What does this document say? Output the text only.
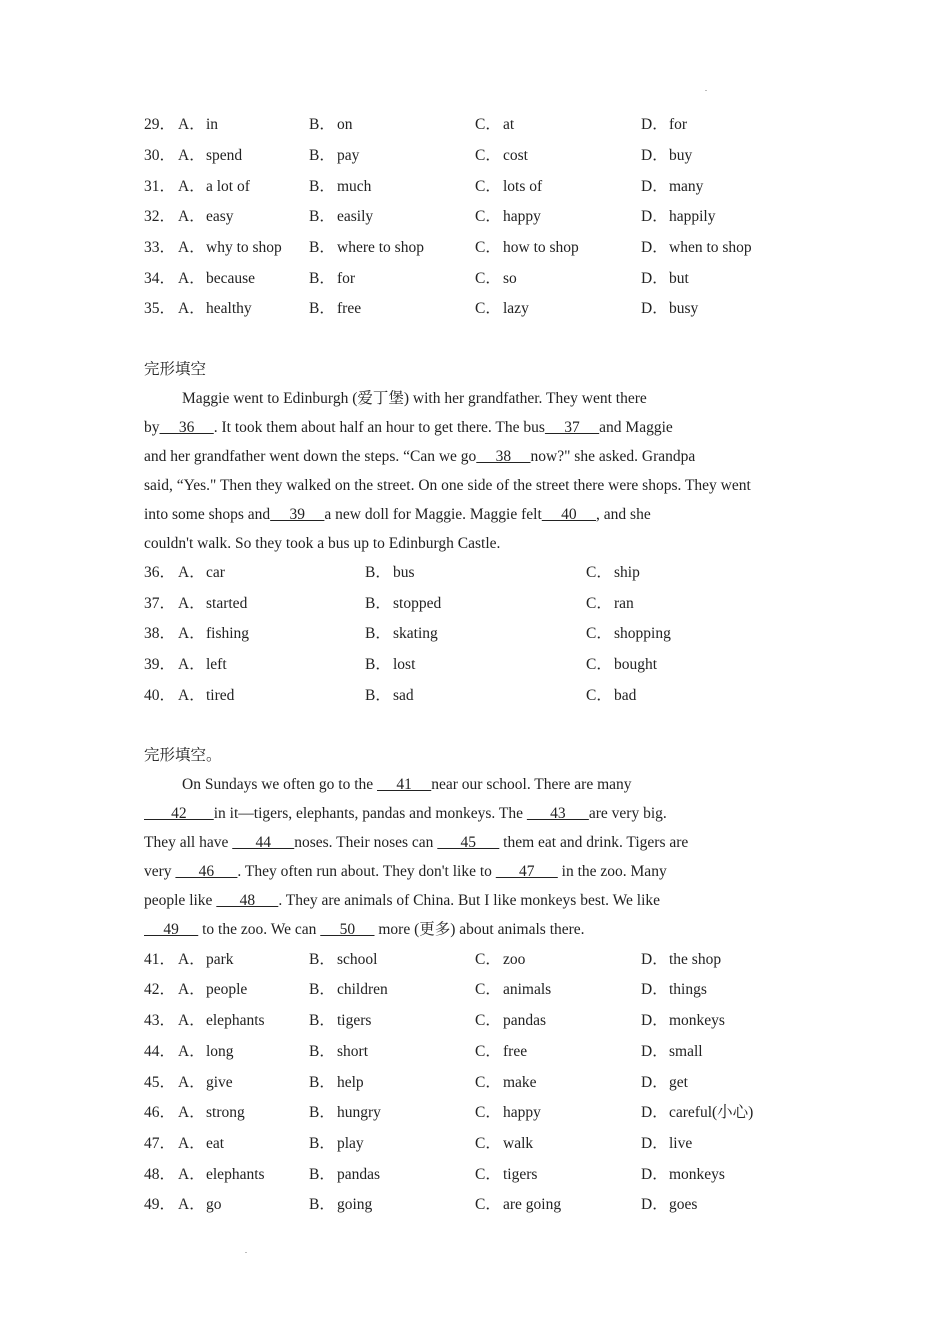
29． A．in	B． on	C． at	D．for
30． A．spend	B． pay	C． cost	D．buy
31． A．a lot of	B． much	C． lots of	D．many
32． A．easy	B． easily	C． happy	D．happily
33． A．why to shop B． where to shop	C． how to shop	D．when to shop
34． A．because	B． for	C． so	D．but
35． A．healthy	B． free	C． lazy	D．busy
完形填空
Maggie went to Edinburgh (爱丁堡) with her grandfather. They went there
by     36     . It took them about half an hour to get there. The bus     37     and Maggie
and her grandfather went down the steps. “Can we go     38     now?" she asked. Grandpa
said, “Yes." Then they walked on the street. On one side of the street there were shops. They went
into some shops and     39     a new doll for Maggie. Maggie felt     40     , and she
couldn't walk. So they took a bus up to Edinburgh Castle.
36． A．car	B． bus	C． ship
37． A．started	B． stopped	C． ran
38． A．fishing	B． skating	C． shopping
39． A．left	B． lost	C． bought
40． A．tired	B． sad	C． bad
完形填空。
On Sundays we often go to the      41     near our school. There are many
42       in it—tigers, elephants, pandas and monkeys. The       43      are very big.
They all have       44      noses. Their noses can       45       them eat and drink. Tigers are
very       46      . They often run about. They don't like to       47       in the zoo. Many
people like       48      . They are animals of China. But I like monkeys best. We like
49      to the zoo. We can      50      more (更多) about animals there.
41． A．park	B． school	C． zoo	D．the shop
42． A．people	B． children	C． animals	D．things
43． A．elephants	B． tigers	C． pandas	D．monkeys
44． A．long	B． short	C． free	D．small
45． A．give	B． help	C． make	D．get
46． A．strong	B． hungry	C． happy	D．careful(小心)
47． A．eat	B． play	C． walk	D．live
48． A．elephants	B． pandas	C． tigers	D．monkeys
49． A．go	B． going	C． are going	D．goes
